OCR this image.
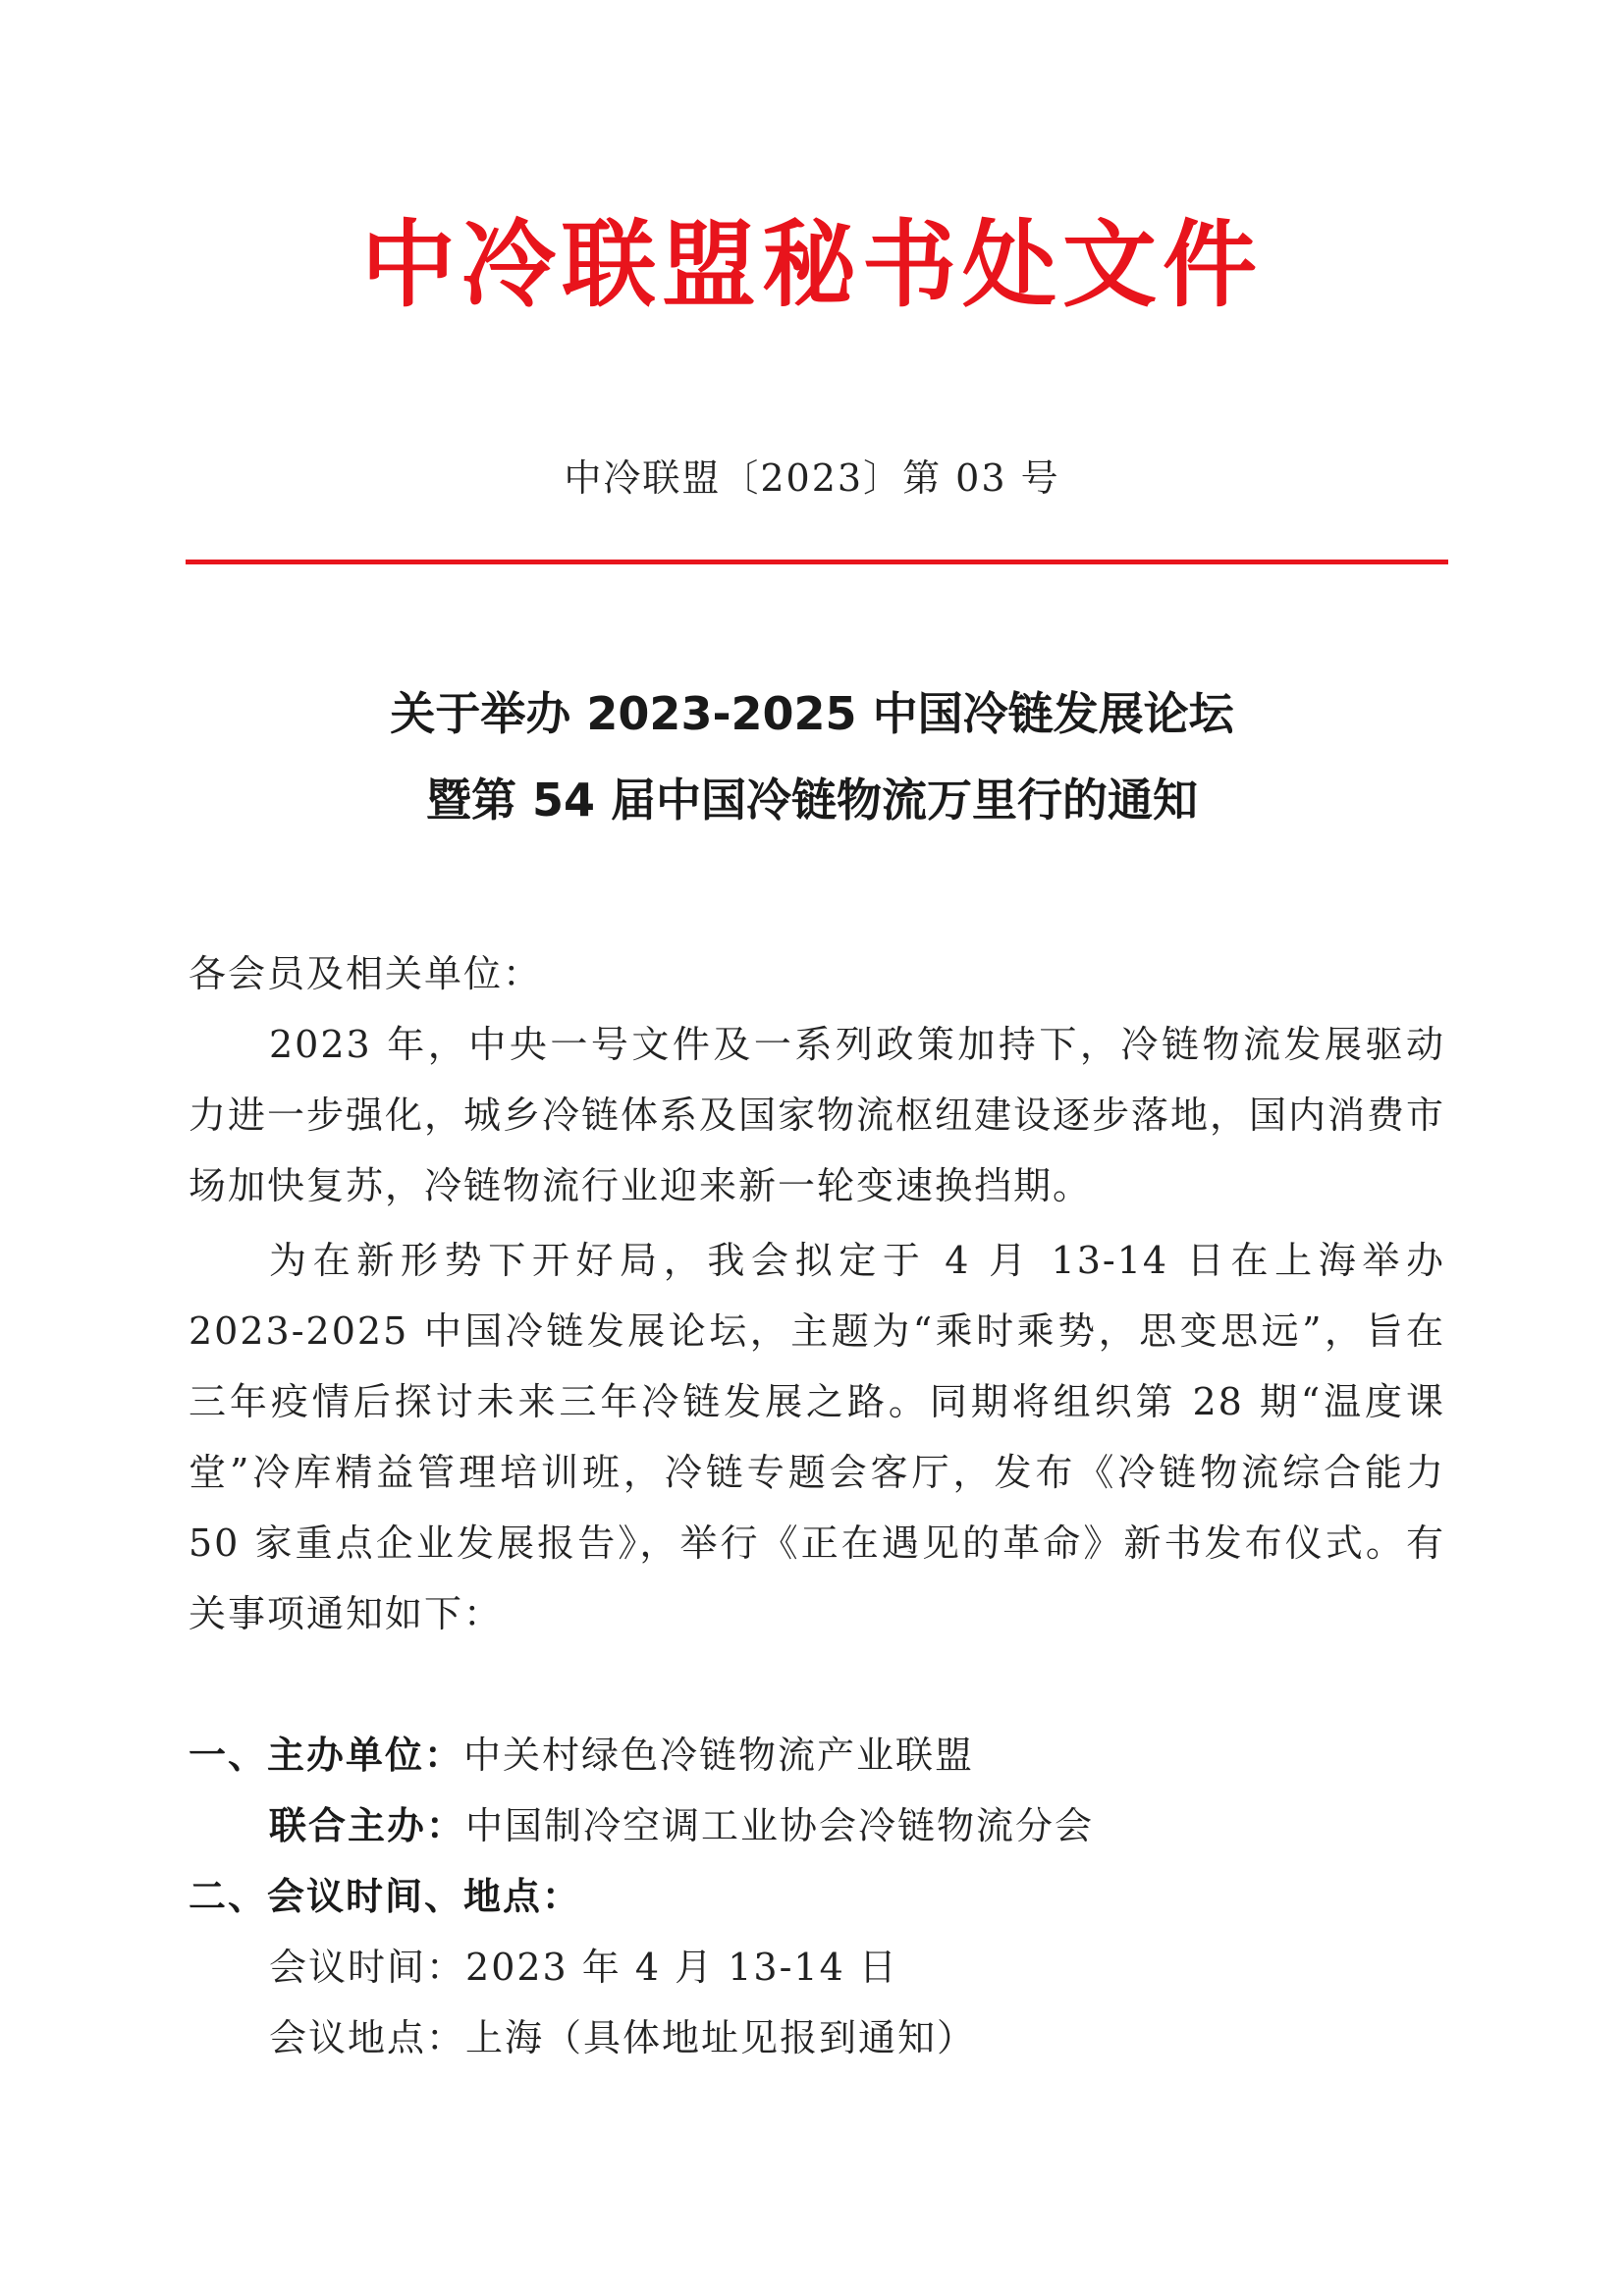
中冷联盟秘书处文件
中冷联盟〔2023〕第 03 号
关于举办 2023-2025 中国冷链发展论坛
暨第 54 届中国冷链物流万里行的通知
各会员及相关单位：

2023 年，中央一号文件及一系列政策加持下，冷链物流发展驱动力进一步强化，城乡冷链体系及国家物流枢纽建设逐步落地，国内消费市场加快复苏，冷链物流行业迎来新一轮变速换挡期。

为在新形势下开好局，我会拟定于 4 月 13-14 日在上海举办 2023-2025 中国冷链发展论坛，主题为“乘时乘势，思变思远”，旨在三年疫情后探讨未来三年冷链发展之路。同期将组织第 28 期“温度课堂”冷库精益管理培训班，冷链专题会客厅，发布《冷链物流综合能力 50 家重点企业发展报告》，举行《正在遇见的革命》新书发布仪式。有关事项通知如下：

一、主办单位：中关村绿色冷链物流产业联盟
联合主办：中国制冷空调工业协会冷链物流分会
二、会议时间、地点：
会议时间：2023 年 4 月 13-14 日
会议地点：上海（具体地址见报到通知）
